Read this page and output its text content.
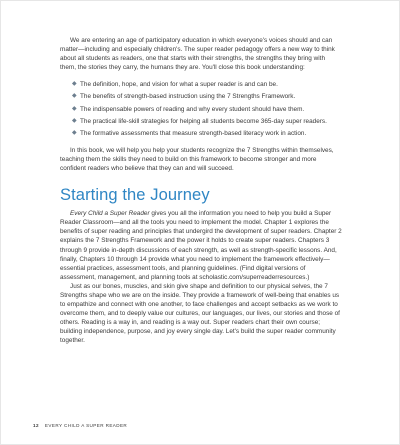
We are entering an age of participatory education in which everyone's voices should and can matter—including and especially children's. The super reader pedagogy offers a new way to think about all students as readers, one that starts with their strengths, the strengths they bring with them, the stories they carry, the humans they are. You'll close this book understanding:

◆ The definition, hope, and vision for what a super reader is and can be.
◆ The benefits of strength-based instruction using the 7 Strengths Framework.
◆ The indispensable powers of reading and why every student should have them.
◆ The practical life-skill strategies for helping all students become 365-day super readers.
◆ The formative assessments that measure strength-based literacy work in action.

In this book, we will help you help your students recognize the 7 Strengths within themselves, teaching them the skills they need to build on this framework to become stronger and more confident readers who believe that they can and will succeed.

Starting the Journey

Every Child a Super Reader gives you all the information you need to help you build a Super Reader Classroom—and all the tools you need to implement the model. Chapter 1 explores the benefits of super reading and principles that undergird the development of super readers. Chapter 2 explains the 7 Strengths Framework and the power it holds to create super readers. Chapters 3 through 9 provide in-depth discussions of each strength, as well as strength-specific lessons. And, finally, Chapters 10 through 14 provide what you need to implement the framework effectively—essential practices, assessment tools, and planning guidelines. (Find digital versions of assessment, management, and planning tools at scholastic.com/superreaderresources.)

Just as our bones, muscles, and skin give shape and definition to our physical selves, the 7 Strengths shape who we are on the inside. They provide a framework of well-being that enables us to empathize and connect with one another, to face challenges and accept setbacks as we work to overcome them, and to deeply value our cultures, our languages, our lives, our stories and those of others. Reading is a way in, and reading is a way out. Super readers chart their own course; building independence, purpose, and joy every single day. Let's build the super reader community together.

12 EVERY CHILD A SUPER READER
